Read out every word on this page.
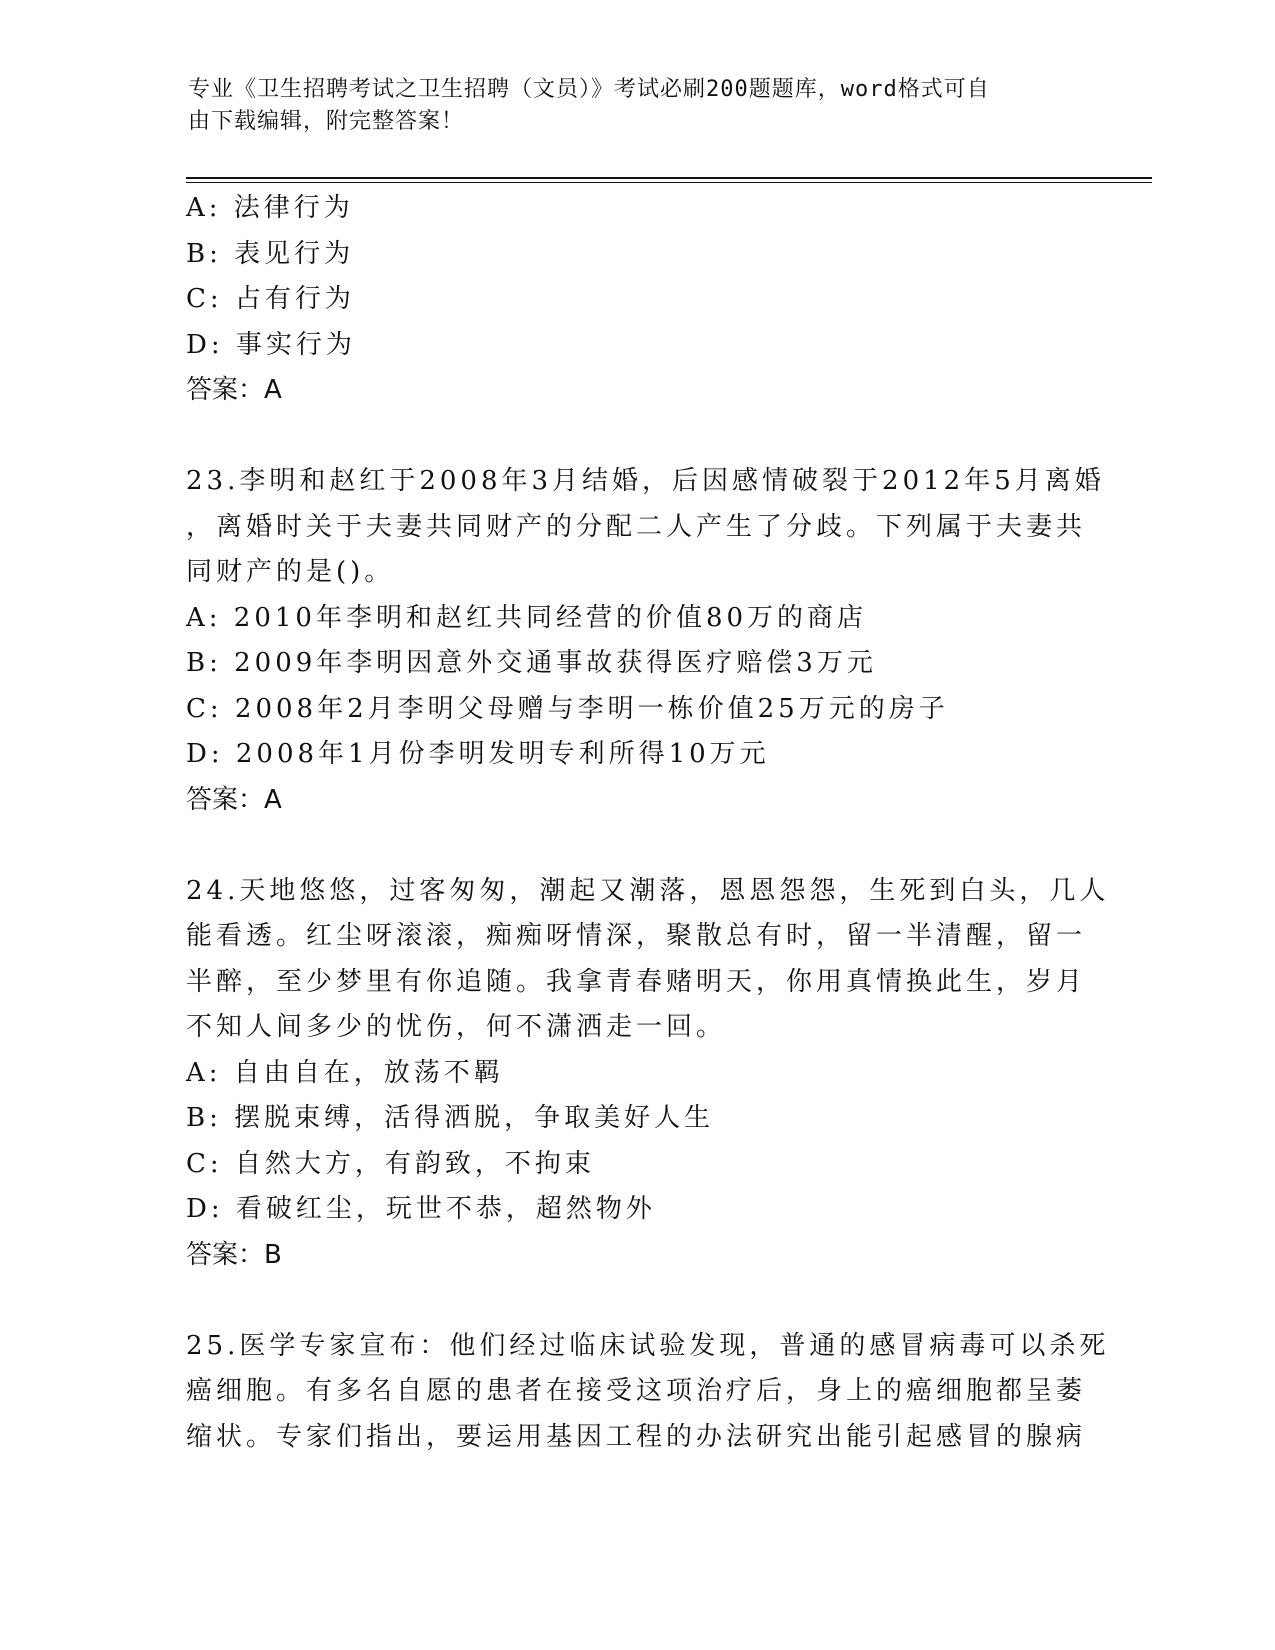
专业《卫生招聘考试之卫生招聘（文员）》考试必刷200题题库，word格式可自
由下载编辑，附完整答案！

A: 法律行为

B: 表见行为

C: 占有行为

D: 事实行为

答案：A

23.李明和赵红于2008年3月结婚，后因感情破裂于2012年5月离婚

，离婚时关于夫妻共同财产的分配二人产生了分歧。下列属于夫妻共

同财产的是()。

A: 2010年李明和赵红共同经营的价值80万的商店

B: 2009年李明因意外交通事故获得医疗赔偿3万元

C: 2008年2月李明父母赠与李明一栋价值25万元的房子

D: 2008年1月份李明发明专利所得10万元

答案：A

24.天地悠悠，过客匆匆，潮起又潮落，恩恩怨怨，生死到白头，几人

能看透。红尘呀滚滚，痴痴呀情深，聚散总有时，留一半清醒，留一

半醉，至少梦里有你追随。我拿青春赌明天，你用真情换此生，岁月

不知人间多少的忧伤，何不潇洒走一回。

A: 自由自在，放荡不羁

B: 摆脱束缚，活得洒脱，争取美好人生

C: 自然大方，有韵致，不拘束

D: 看破红尘，玩世不恭，超然物外

答案：B

25.医学专家宣布：他们经过临床试验发现，普通的感冒病毒可以杀死

癌细胞。有多名自愿的患者在接受这项治疗后，身上的癌细胞都呈萎

缩状。专家们指出，要运用基因工程的办法研究出能引起感冒的腺病
